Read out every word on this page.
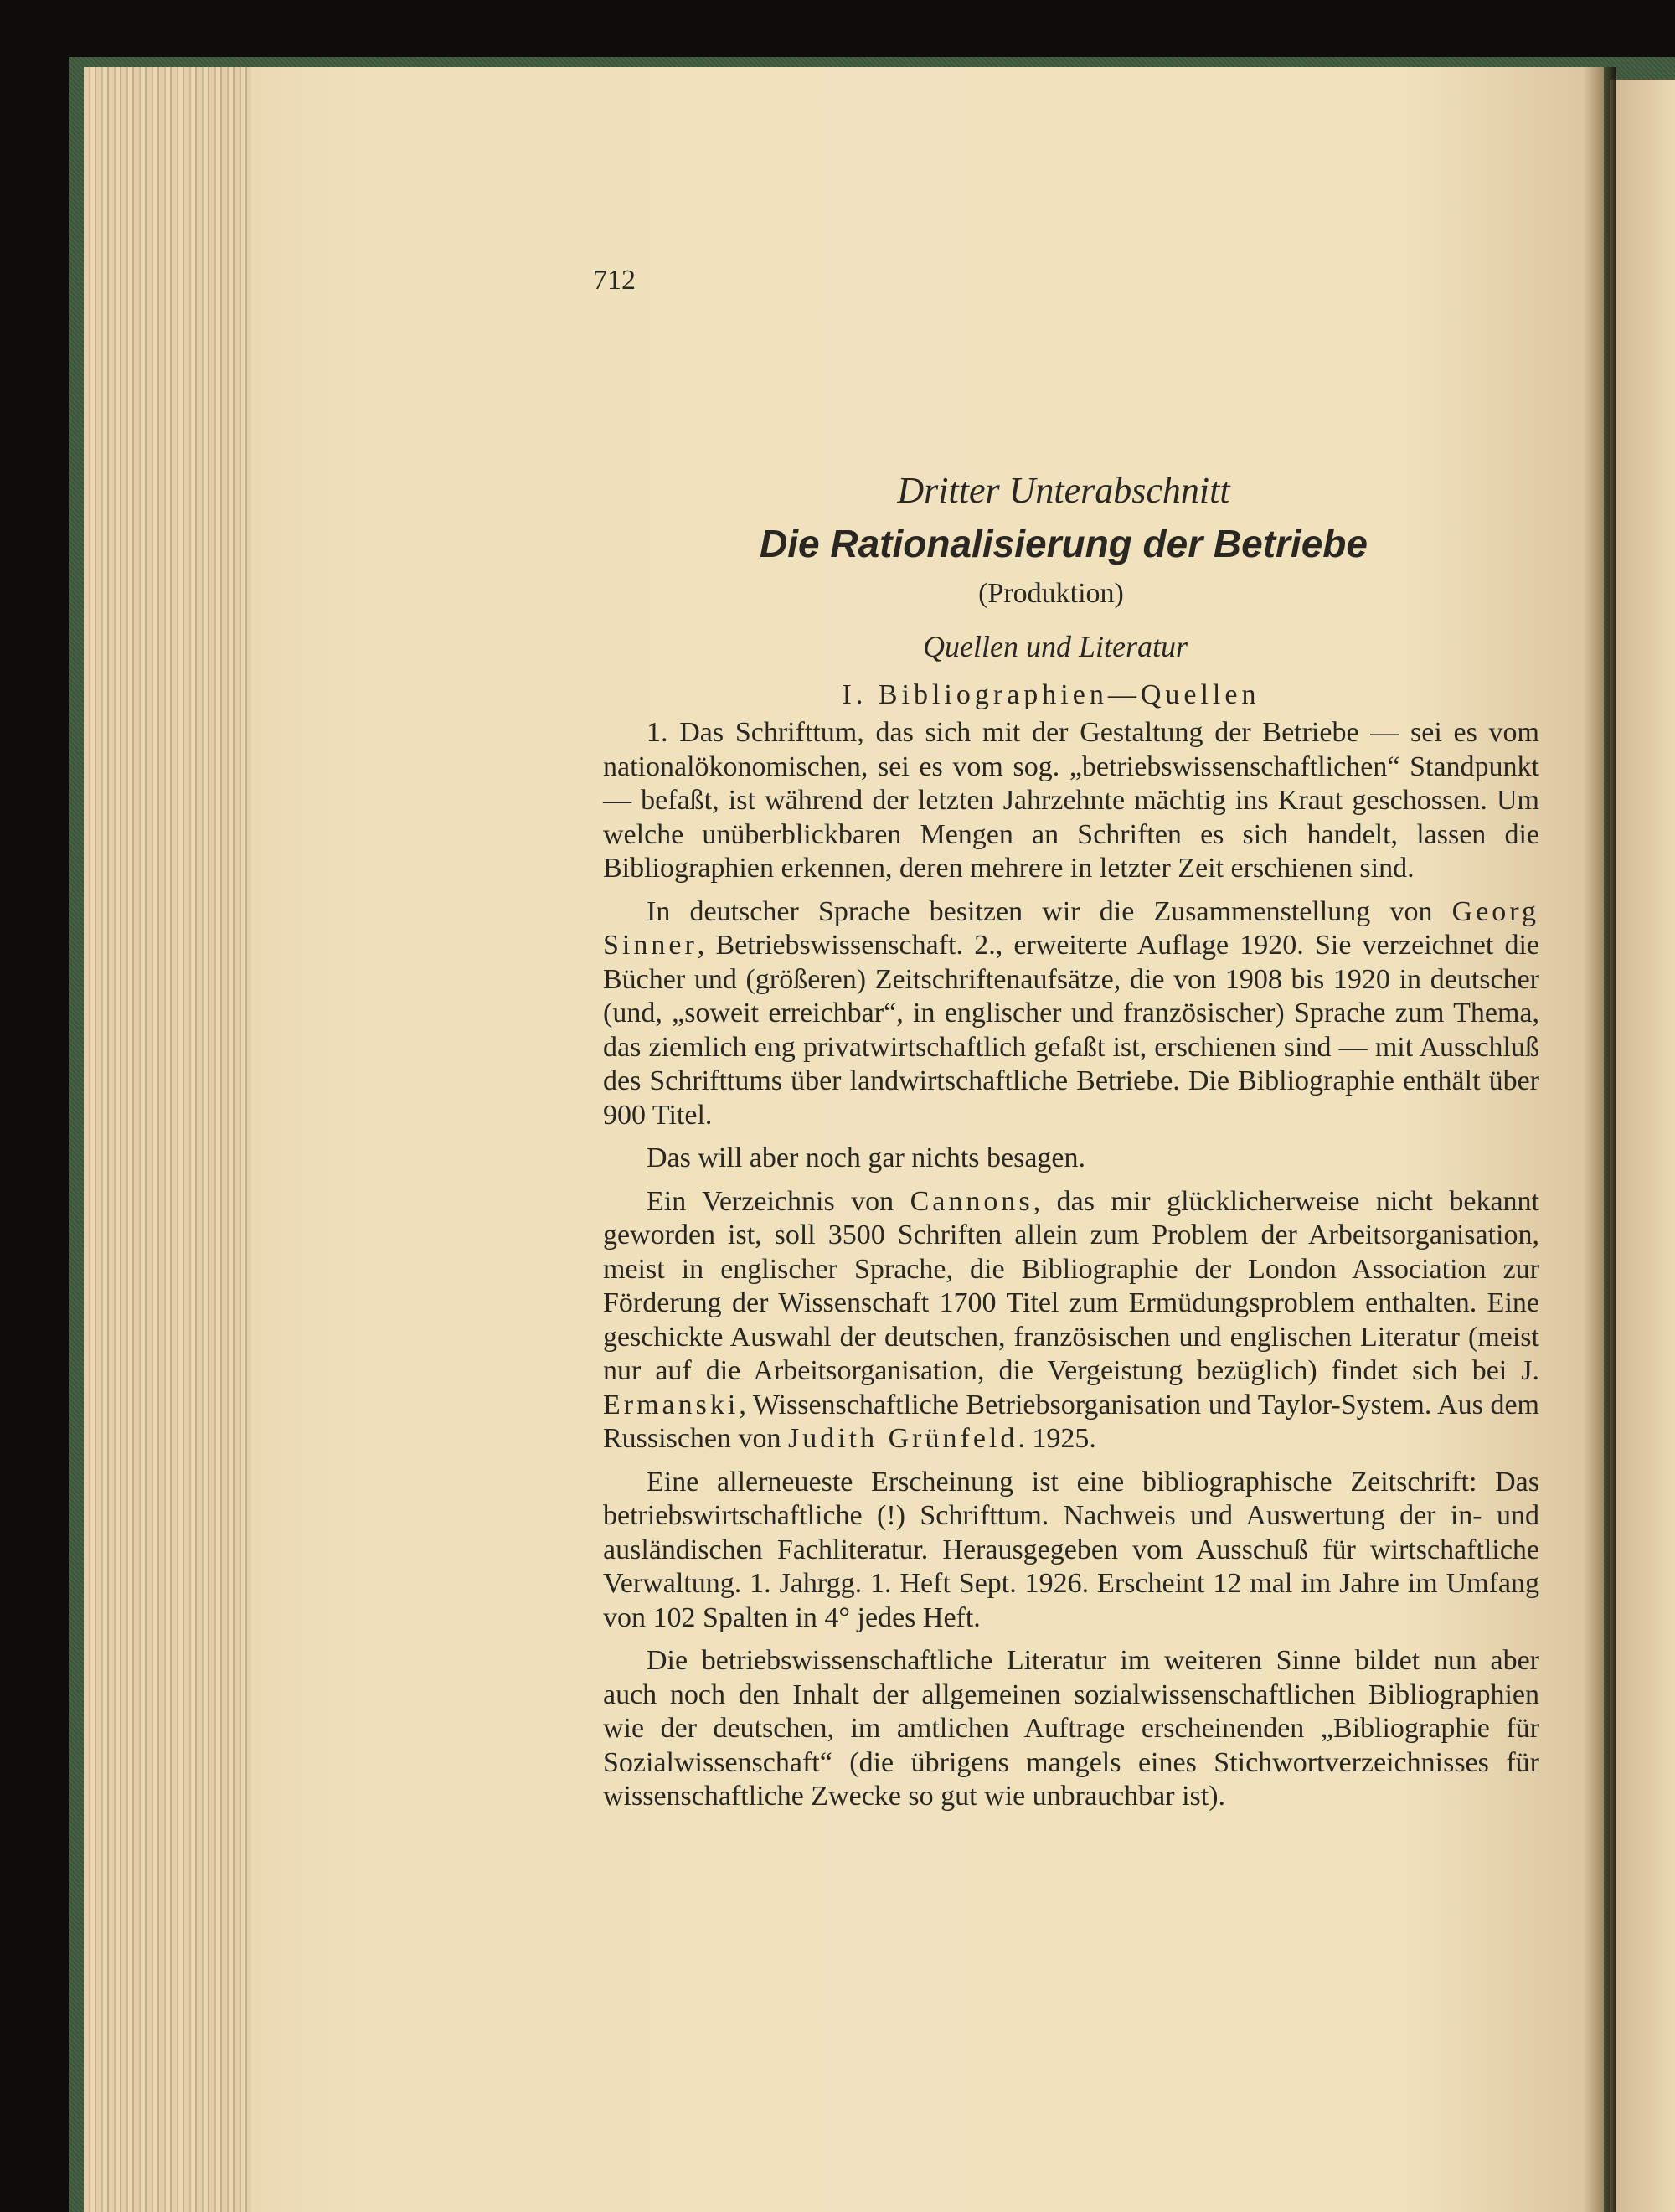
712
Dritter Unterabschnitt
Die Rationalisierung der Betriebe
(Produktion)
Quellen und Literatur
I. Bibliographien—Quellen

1. Das Schrifttum, das sich mit der Gestaltung der Betriebe — sei es vom nationalökonomischen, sei es vom sog. „betriebswissenschaftlichen“ Standpunkt — befaßt, ist während der letzten Jahrzehnte mächtig ins Kraut geschossen. Um welche unüberblickbaren Mengen an Schriften es sich handelt, lassen die Bibliographien erkennen, deren mehrere in letzter Zeit erschienen sind.

In deutscher Sprache besitzen wir die Zusammenstellung von Georg Sinner, Betriebswissenschaft. 2., erweiterte Auflage 1920. Sie verzeichnet die Bücher und (größeren) Zeitschriftenaufsätze, die von 1908 bis 1920 in deutscher (und, „soweit erreichbar“, in englischer und französischer) Sprache zum Thema, das ziemlich eng privatwirtschaftlich gefaßt ist, erschienen sind — mit Ausschluß des Schrifttums über landwirtschaftliche Betriebe. Die Bibliographie enthält über 900 Titel.

Das will aber noch gar nichts besagen.

Ein Verzeichnis von Cannons, das mir glücklicherweise nicht bekannt geworden ist, soll 3500 Schriften allein zum Problem der Arbeitsorganisation, meist in englischer Sprache, die Bibliographie der London Association zur Förderung der Wissenschaft 1700 Titel zum Ermüdungsproblem enthalten. Eine geschickte Auswahl der deutschen, französischen und englischen Literatur (meist nur auf die Arbeitsorganisation, die Vergeistung bezüglich) findet sich bei J. Ermanski, Wissenschaftliche Betriebsorganisation und Taylor-System. Aus dem Russischen von Judith Grünfeld. 1925.

Eine allerneueste Erscheinung ist eine bibliographische Zeitschrift: Das betriebswirtschaftliche (!) Schrifttum. Nachweis und Auswertung der in- und ausländischen Fachliteratur. Herausgegeben vom Ausschuß für wirtschaftliche Verwaltung. 1. Jahrgg. 1. Heft Sept. 1926. Erscheint 12 mal im Jahre im Umfang von 102 Spalten in 4° jedes Heft.

Die betriebswissenschaftliche Literatur im weiteren Sinne bildet nun aber auch noch den Inhalt der allgemeinen sozialwissenschaftlichen Bibliographien wie der deutschen, im amtlichen Auftrage erscheinenden „Bibliographie für Sozialwissenschaft“ (die übrigens mangels eines Stichwortverzeichnisses für wissenschaftliche Zwecke so gut wie unbrauchbar ist).
